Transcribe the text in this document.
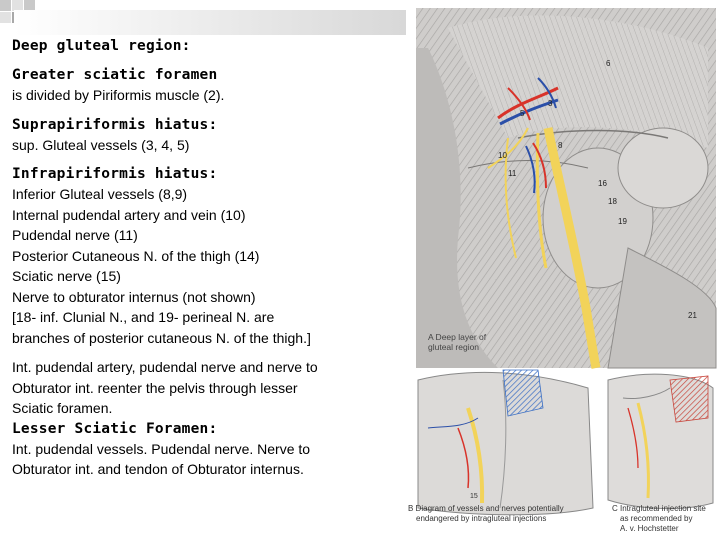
Deep gluteal region:
Greater sciatic foramen
is divided by Piriformis muscle (2).
Suprapiriformis hiatus:
sup. Gluteal vessels (3, 4, 5)
Infrapiriformis hiatus:
Inferior Gluteal vessels (8,9)
Internal pudendal artery and vein (10)
Pudendal nerve (11)
Posterior Cutaneous N. of the thigh (14)
Sciatic nerve (15)
Nerve to obturator internus (not shown)
[18- inf. Clunial N., and 19- perineal N. are
branches of posterior cutaneous N. of the thigh.]
Int. pudendal artery, pudendal nerve and nerve to
Obturator int. reenter the pelvis through lesser
Sciatic foramen.
Lesser Sciatic Foramen:
Int. pudendal vessels. Pudendal nerve. Nerve to
Obturator int. and tendon of Obturator internus.
6
3
5
8
10
11
16
18
19
21
A Deep layer of gluteal region
15
B Diagram of vessels and nerves potentially endangered by intragluteal injections
C Intragluteal injection site as recommended by A. v. Hochstetter
